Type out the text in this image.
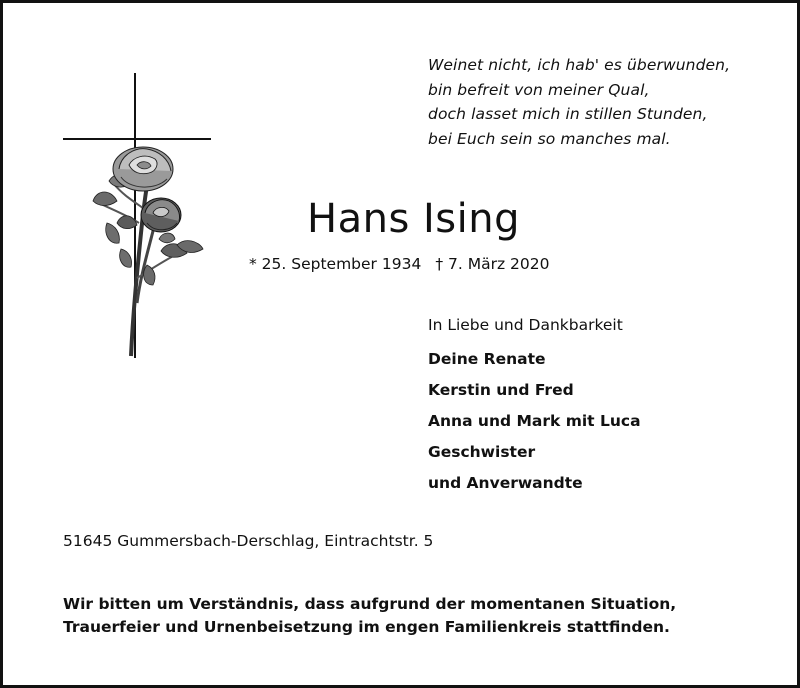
Weinet nicht, ich hab' es überwunden,
bin befreit von meiner Qual,
doch lasset mich in stillen Stunden,
bei Euch sein so manches mal.
Hans Ising
* 25. September 1934 † 7. März 2020
In Liebe und Dankbarkeit
Deine Renate
Kerstin und Fred
Anna und Mark mit Luca
Geschwister
und Anverwandte
51645 Gummersbach-Derschlag, Eintrachtstr. 5
Wir bitten um Verständnis, dass aufgrund der momentanen Situation,
Trauerfeier und Urnenbeisetzung im engen Familienkreis stattfinden.
